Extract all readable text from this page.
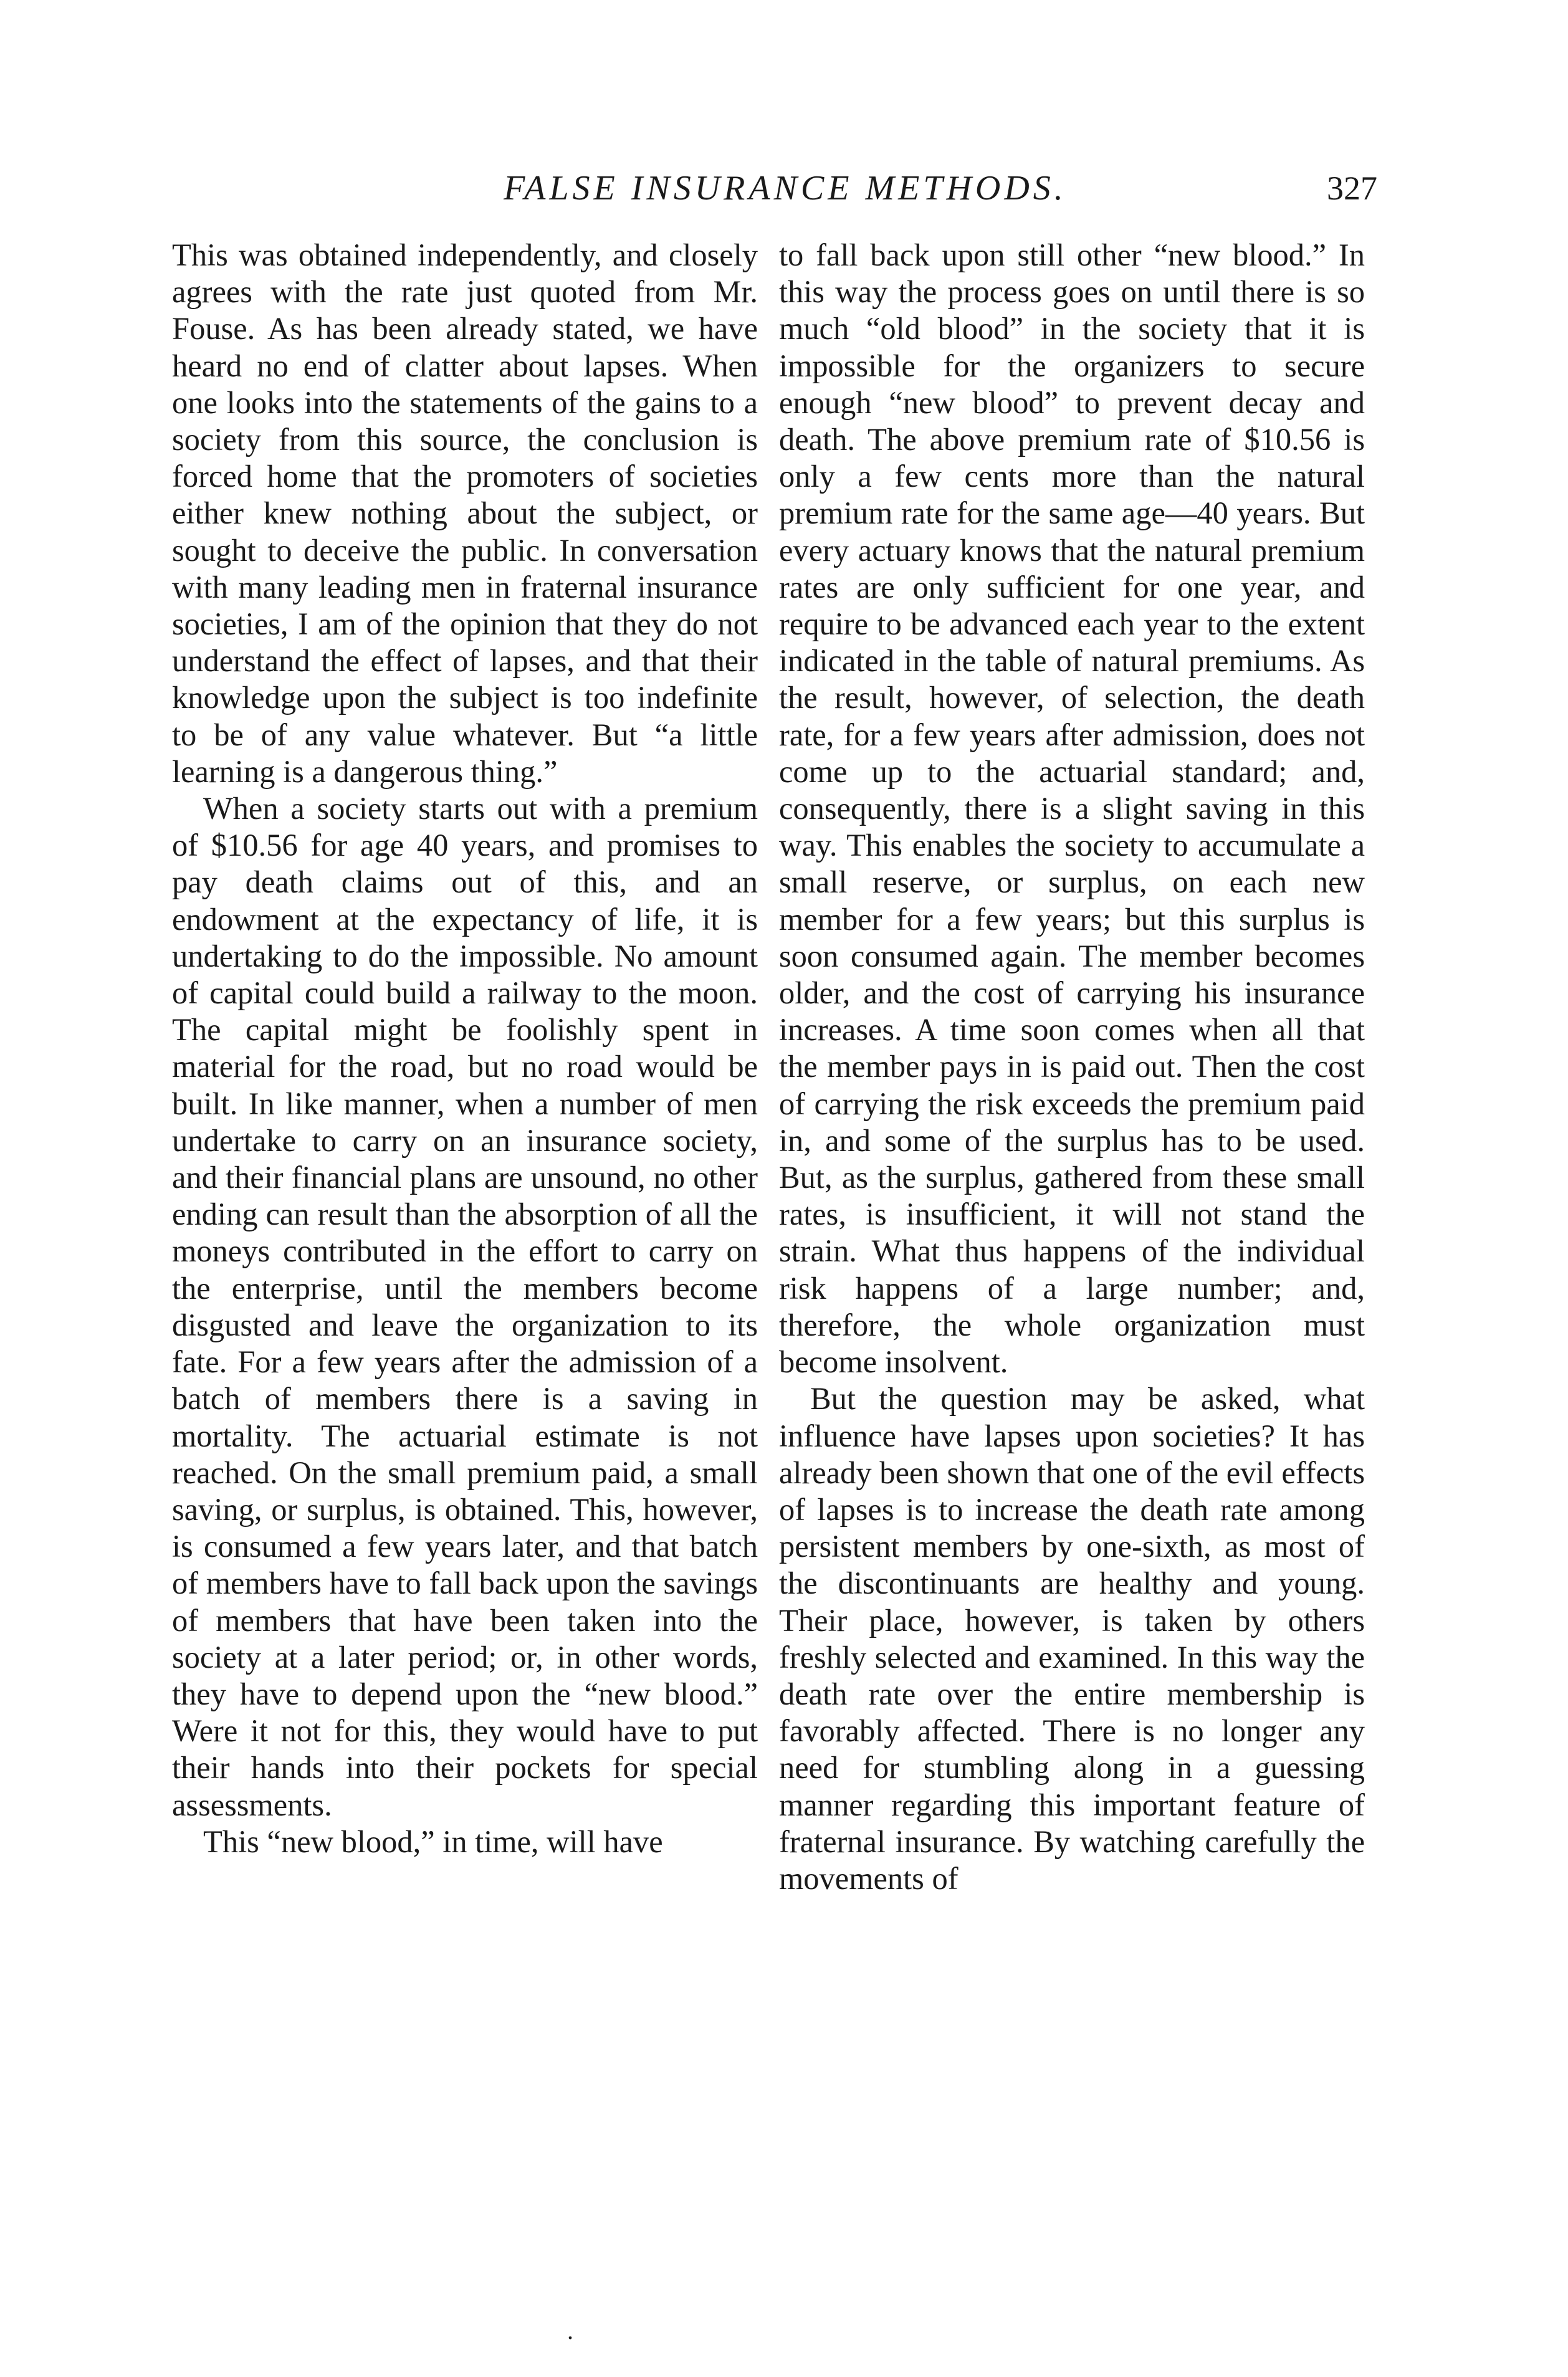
FALSE INSURANCE METHODS.	327

This was obtained independently, and closely agrees with the rate just quoted from Mr. Fouse. As has been already stated, we have heard no end of clatter about lapses. When one looks into the statements of the gains to a society from this source, the conclusion is forced home that the promoters of societies either knew nothing about the subject, or sought to deceive the public. In conversation with many leading men in fraternal insurance societies, I am of the opinion that they do not understand the effect of lapses, and that their knowledge upon the subject is too indefinite to be of any value whatever. But “a little learning is a dangerous thing.”

When a society starts out with a premium of $10.56 for age 40 years, and promises to pay death claims out of this, and an endowment at the expectancy of life, it is undertaking to do the impossible. No amount of capital could build a railway to the moon. The capital might be foolishly spent in material for the road, but no road would be built. In like manner, when a number of men undertake to carry on an insurance society, and their financial plans are unsound, no other ending can result than the absorption of all the moneys contributed in the effort to carry on the enterprise, until the members become disgusted and leave the organization to its fate. For a few years after the admission of a batch of members there is a saving in mortality. The actuarial estimate is not reached. On the small premium paid, a small saving, or surplus, is obtained. This, however, is consumed a few years later, and that batch of members have to fall back upon the savings of members that have been taken into the society at a later period; or, in other words, they have to depend upon the “new blood.” Were it not for this, they would have to put their hands into their pockets for special assessments.

This “new blood,” in time, will have

to fall back upon still other “new blood.” In this way the process goes on until there is so much “old blood” in the society that it is impossible for the organizers to secure enough “new blood” to prevent decay and death. The above premium rate of $10.56 is only a few cents more than the natural premium rate for the same age—40 years. But every actuary knows that the natural premium rates are only sufficient for one year, and require to be advanced each year to the extent indicated in the table of natural premiums. As the result, however, of selection, the death rate, for a few years after admission, does not come up to the actuarial standard; and, consequently, there is a slight saving in this way. This enables the society to accumulate a small reserve, or surplus, on each new member for a few years; but this surplus is soon consumed again. The member becomes older, and the cost of carrying his insurance increases. A time soon comes when all that the member pays in is paid out. Then the cost of carrying the risk exceeds the premium paid in, and some of the surplus has to be used. But, as the surplus, gathered from these small rates, is insufficient, it will not stand the strain. What thus happens of the individual risk happens of a large number; and, therefore, the whole organization must become insolvent.

But the question may be asked, what influence have lapses upon societies? It has already been shown that one of the evil effects of lapses is to increase the death rate among persistent members by one-sixth, as most of the discontinuants are healthy and young. Their place, however, is taken by others freshly selected and examined. In this way the death rate over the entire membership is favorably affected. There is no longer any need for stumbling along in a guessing manner regarding this important feature of fraternal insurance. By watching carefully the movements of

.
